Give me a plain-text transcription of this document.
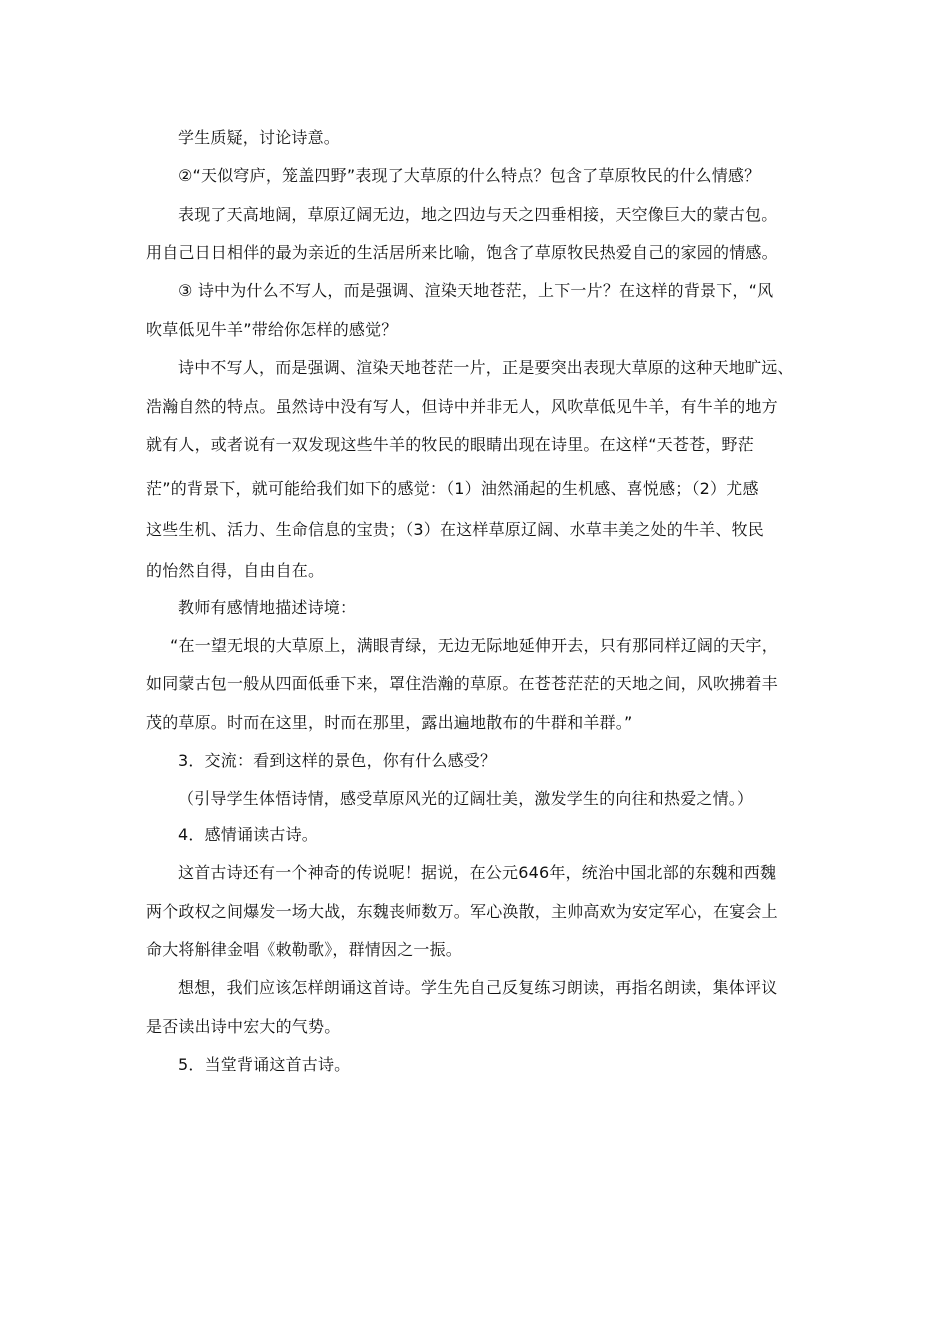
学生质疑，讨论诗意。
②“天似穹庐，笼盖四野”表现了大草原的什么特点？包含了草原牧民的什么情感？
表现了天高地阔，草原辽阔无边，地之四边与天之四垂相接，天空像巨大的蒙古包。
用自己日日相伴的最为亲近的生活居所来比喻，饱含了草原牧民热爱自己的家园的情感。
③ 诗中为什么不写人，而是强调、渲染天地苍茫，上下一片？在这样的背景下，“风
吹草低见牛羊”带给你怎样的感觉？
诗中不写人，而是强调、渲染天地苍茫一片，正是要突出表现大草原的这种天地旷远、
浩瀚自然的特点。虽然诗中没有写人，但诗中并非无人，风吹草低见牛羊，有牛羊的地方
就有人，或者说有一双发现这些牛羊的牧民的眼睛出现在诗里。在这样“天苍苍，野茫
茫”的背景下，就可能给我们如下的感觉：（1）油然涌起的生机感、喜悦感；（2）尤感
这些生机、活力、生命信息的宝贵；（3）在这样草原辽阔、水草丰美之处的牛羊、牧民
的怡然自得，自由自在。
教师有感情地描述诗境：
“在一望无垠的大草原上，满眼青绿，无边无际地延伸开去，只有那同样辽阔的天宇，
如同蒙古包一般从四面低垂下来，罩住浩瀚的草原。在苍苍茫茫的天地之间，风吹拂着丰
茂的草原。时而在这里，时而在那里，露出遍地散布的牛群和羊群。”
3．交流：看到这样的景色，你有什么感受？
（引导学生体悟诗情，感受草原风光的辽阔壮美，激发学生的向往和热爱之情。）
4．感情诵读古诗。
这首古诗还有一个神奇的传说呢！据说，在公元646年，统治中国北部的东魏和西魏
两个政权之间爆发一场大战，东魏丧师数万。军心涣散，主帅高欢为安定军心，在宴会上
命大将斛律金唱《敕勒歌》，群情因之一振。
想想，我们应该怎样朗诵这首诗。学生先自己反复练习朗读，再指名朗读，集体评议
是否读出诗中宏大的气势。
5．当堂背诵这首古诗。
